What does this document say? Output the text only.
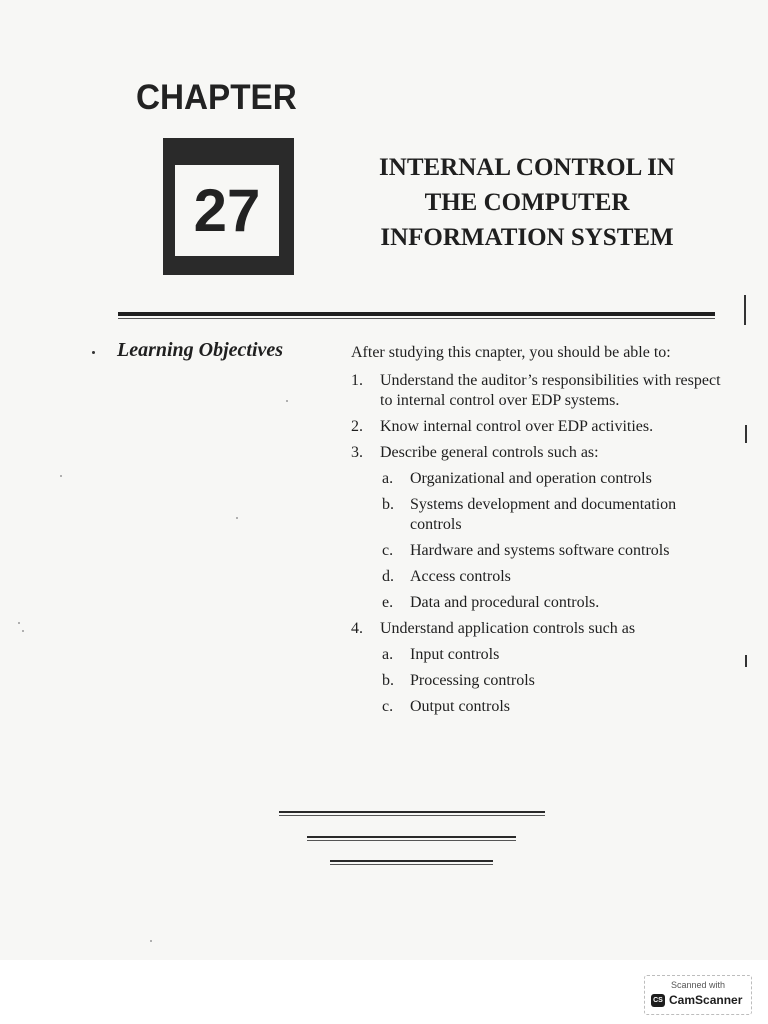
CHAPTER
27
INTERNAL CONTROL IN
THE COMPUTER
INFORMATION SYSTEM
Learning Objectives	After studying this cnapter, you should be able to:

1. Understand the auditor’s responsibilities with respect to internal control over EDP systems.
2. Know internal control over EDP activities.
3. Describe general controls such as:
a. Organizational and operation controls
b. Systems development and documentation controls
c. Hardware and systems software controls
d. Access controls
e. Data and procedural controls.
4. Understand application controls such as
a. Input controls
b. Processing controls
c. Output controls
Scanned with
CS CamScanner
